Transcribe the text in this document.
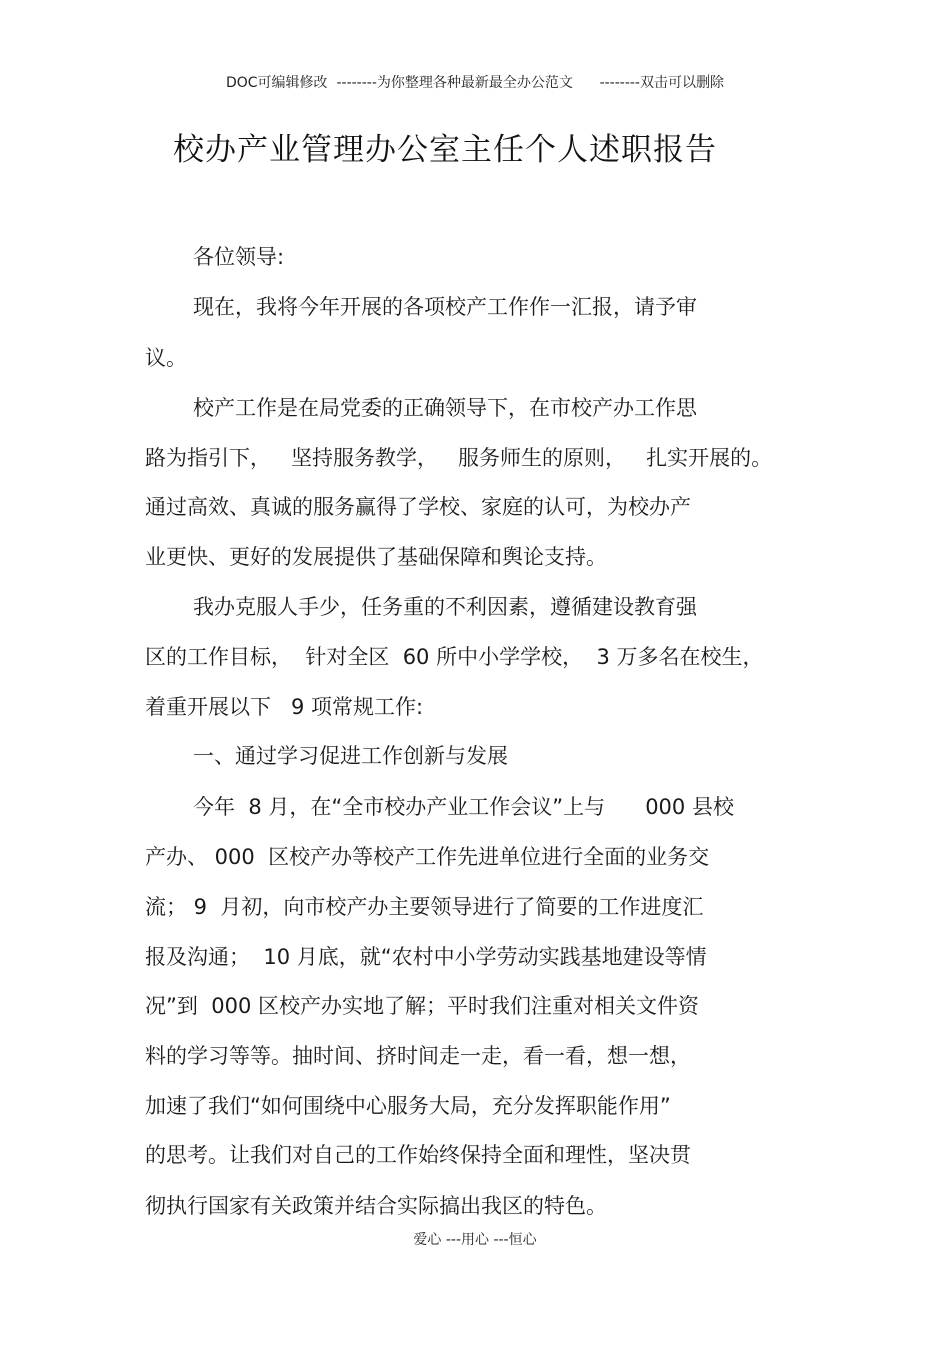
DOC可编辑修改  --------为你整理各种最新最全办公范文      --------双击可以删除
校办产业管理办公室主任个人述职报告
各位领导:
现在，我将今年开展的各项校产工作作一汇报，请予审
议。
校产工作是在局党委的正确领导下，在市校产办工作思
路为指引下，   坚持服务教学，   服务师生的原则，   扎实开展的。
通过高效、真诚的服务赢得了学校、家庭的认可，为校办产
业更快、更好的发展提供了基础保障和舆论支持。
我办克服人手少，任务重的不利因素，遵循建设教育强
区的工作目标，  针对全区  60 所中小学学校，  3 万多名在校生，
着重开展以下   9 项常规工作:
一、通过学习促进工作创新与发展
今年  8 月，在“全市校办产业工作会议”上与      000 县校
产办、 000  区校产办等校产工作先进单位进行全面的业务交
流； 9  月初，向市校产办主要领导进行了简要的工作进度汇
报及沟通；  10 月底，就“农村中小学劳动实践基地建设等情
况”到  000 区校产办实地了解；平时我们注重对相关文件资
料的学习等等。抽时间、挤时间走一走，看一看，想一想，
加速了我们“如何围绕中心服务大局，充分发挥职能作用”
的思考。让我们对自己的工作始终保持全面和理性，坚决贯
彻执行国家有关政策并结合实际搞出我区的特色。
爱心 ---用心 ---恒心
